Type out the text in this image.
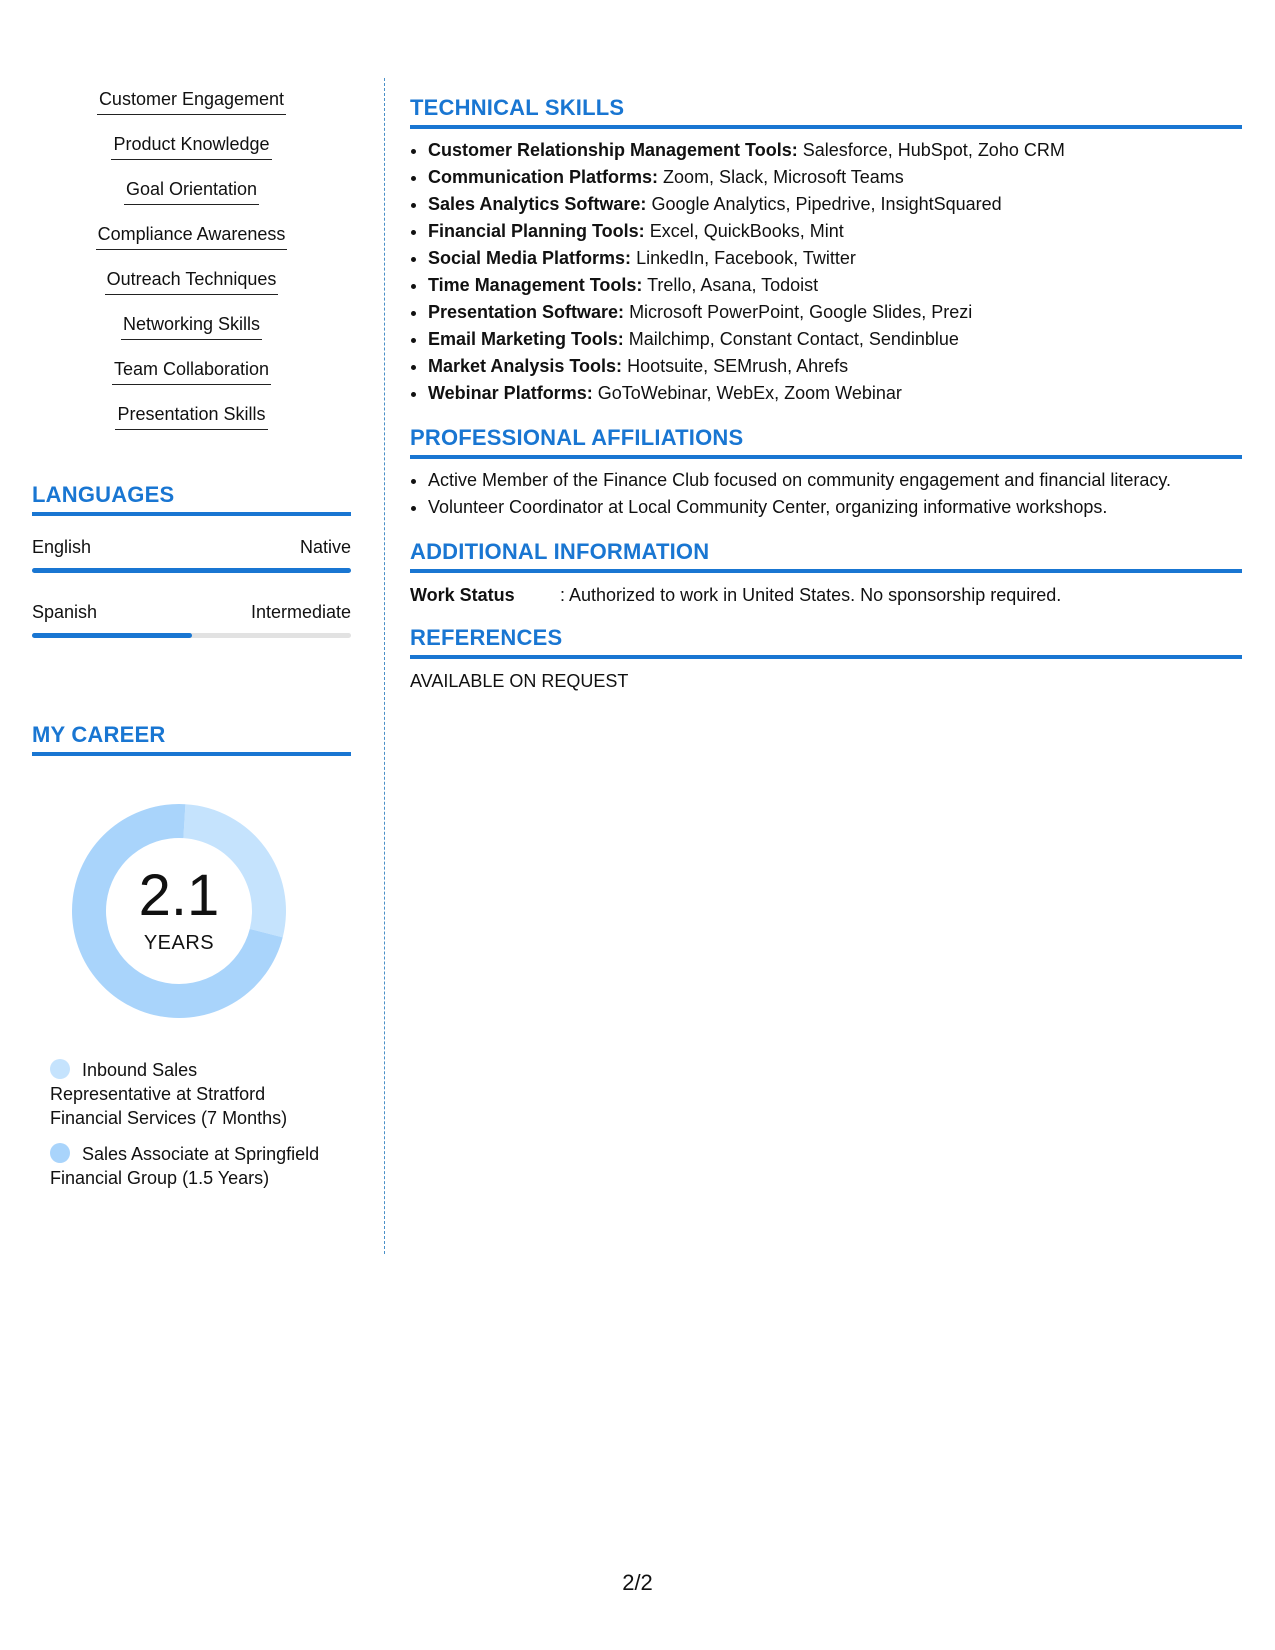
Customer Engagement
Product Knowledge
Goal Orientation
Compliance Awareness
Outreach Techniques
Networking Skills
Team Collaboration
Presentation Skills
LANGUAGES
English	Native
Spanish	Intermediate
MY CAREER
2.1
YEARS
Inbound Sales Representative at Stratford Financial Services (7 Months)
Sales Associate at Springfield Financial Group (1.5 Years)
TECHNICAL SKILLS
• Customer Relationship Management Tools: Salesforce, HubSpot, Zoho CRM
• Communication Platforms: Zoom, Slack, Microsoft Teams
• Sales Analytics Software: Google Analytics, Pipedrive, InsightSquared
• Financial Planning Tools: Excel, QuickBooks, Mint
• Social Media Platforms: LinkedIn, Facebook, Twitter
• Time Management Tools: Trello, Asana, Todoist
• Presentation Software: Microsoft PowerPoint, Google Slides, Prezi
• Email Marketing Tools: Mailchimp, Constant Contact, Sendinblue
• Market Analysis Tools: Hootsuite, SEMrush, Ahrefs
• Webinar Platforms: GoToWebinar, WebEx, Zoom Webinar
PROFESSIONAL AFFILIATIONS
• Active Member of the Finance Club focused on community engagement and financial literacy.
• Volunteer Coordinator at Local Community Center, organizing informative workshops.
ADDITIONAL INFORMATION
Work Status	: Authorized to work in United States. No sponsorship required.
REFERENCES
AVAILABLE ON REQUEST
2/2
